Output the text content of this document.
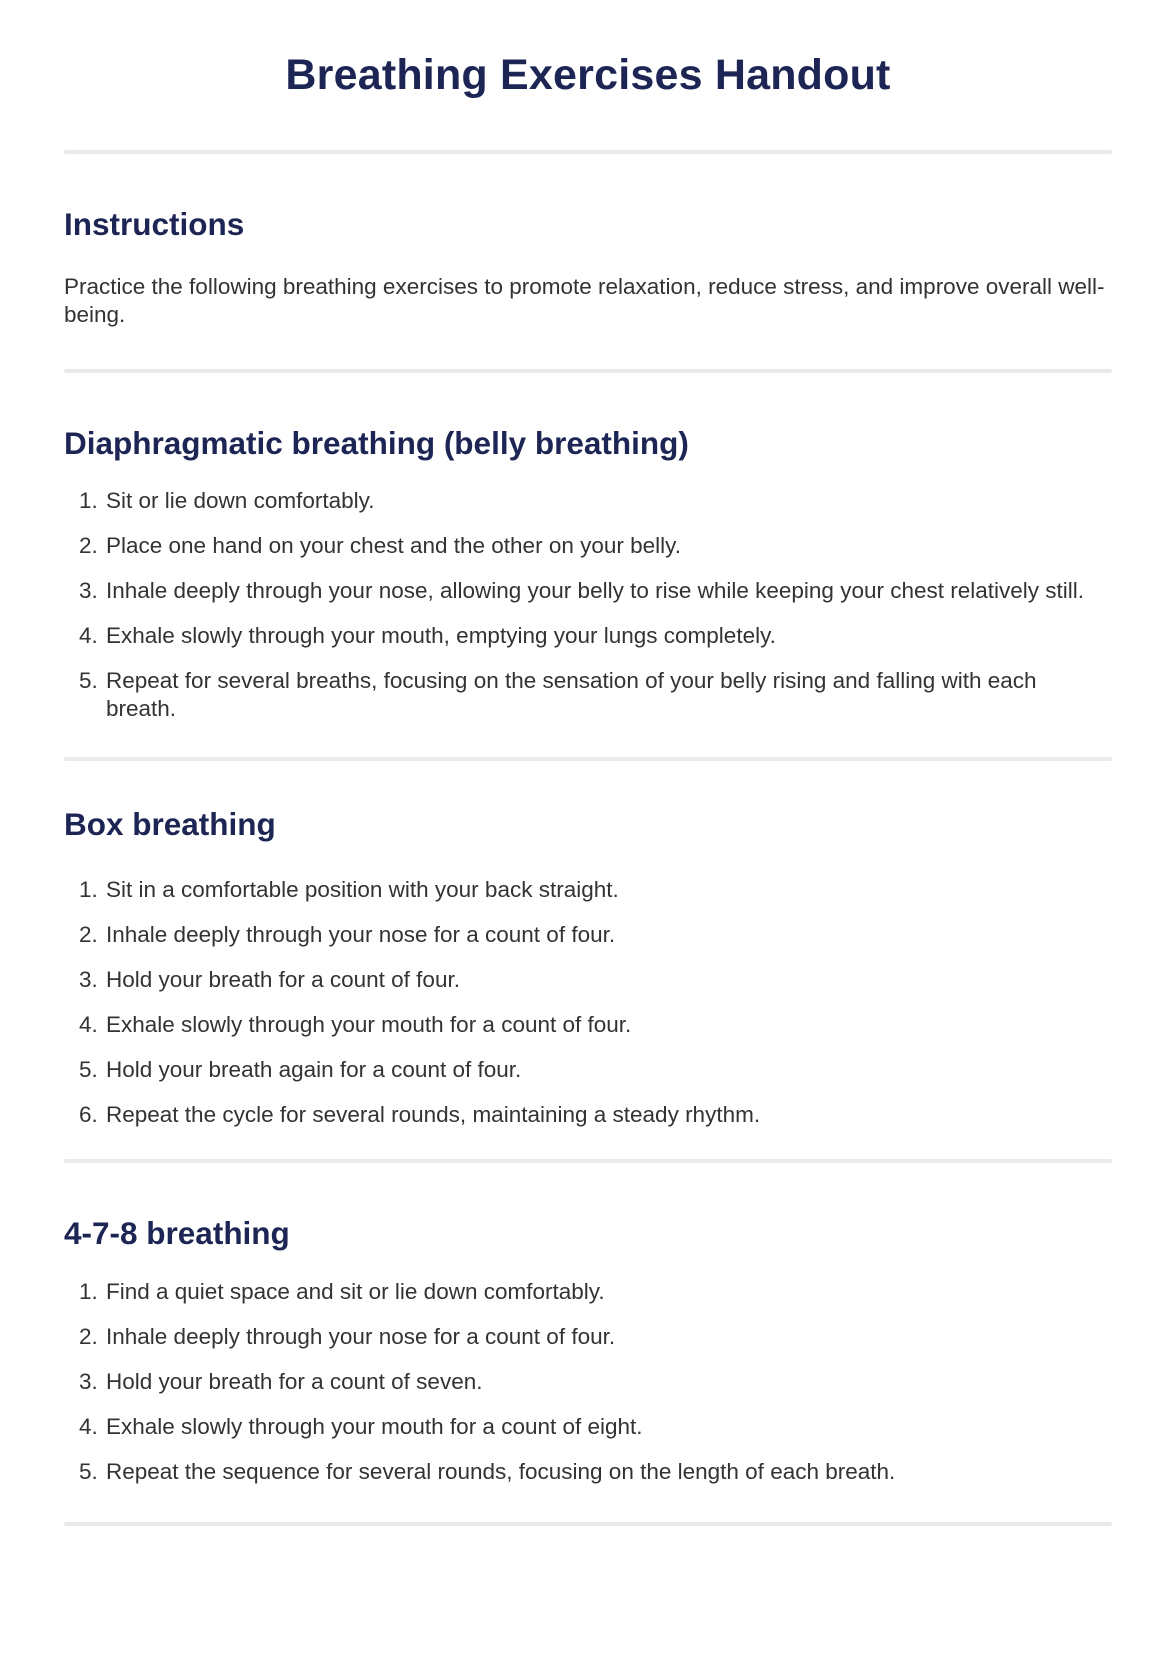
Breathing Exercises Handout
Instructions

Practice the following breathing exercises to promote relaxation, reduce stress, and improve overall well-being.

Diaphragmatic breathing (belly breathing)
1. Sit or lie down comfortably.
2. Place one hand on your chest and the other on your belly.
3. Inhale deeply through your nose, allowing your belly to rise while keeping your chest relatively still.
4. Exhale slowly through your mouth, emptying your lungs completely.
5. Repeat for several breaths, focusing on the sensation of your belly rising and falling with each breath.
Box breathing
1. Sit in a comfortable position with your back straight.
2. Inhale deeply through your nose for a count of four.
3. Hold your breath for a count of four.
4. Exhale slowly through your mouth for a count of four.
5. Hold your breath again for a count of four.
6. Repeat the cycle for several rounds, maintaining a steady rhythm.
4-7-8 breathing
1. Find a quiet space and sit or lie down comfortably.
2. Inhale deeply through your nose for a count of four.
3. Hold your breath for a count of seven.
4. Exhale slowly through your mouth for a count of eight.
5. Repeat the sequence for several rounds, focusing on the length of each breath.
